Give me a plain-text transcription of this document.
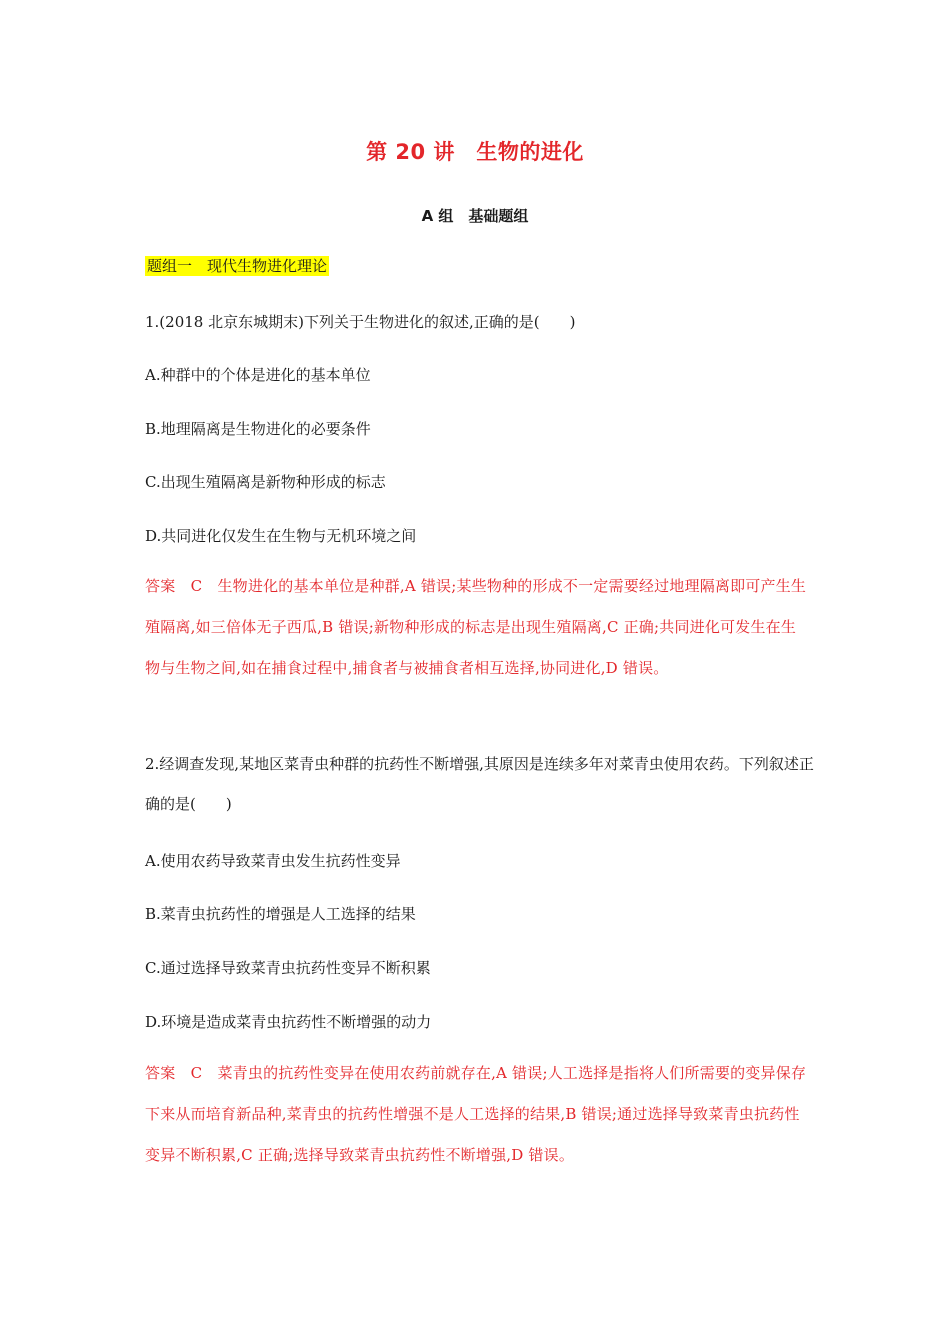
第 20 讲　生物的进化
A 组　基础题组
题组一　现代生物进化理论
1.(2018 北京东城期末)下列关于生物进化的叙述,正确的是(　　)
A.种群中的个体是进化的基本单位
B.地理隔离是生物进化的必要条件
C.出现生殖隔离是新物种形成的标志
D.共同进化仅发生在生物与无机环境之间
答案　C　生物进化的基本单位是种群,A 错误;某些物种的形成不一定需要经过地理隔离即可产生生殖隔离,如三倍体无子西瓜,B 错误;新物种形成的标志是出现生殖隔离,C 正确;共同进化可发生在生物与生物之间,如在捕食过程中,捕食者与被捕食者相互选择,协同进化,D 错误。
2.经调查发现,某地区菜青虫种群的抗药性不断增强,其原因是连续多年对菜青虫使用农药。下列叙述正确的是(　　)
A.使用农药导致菜青虫发生抗药性变异
B.菜青虫抗药性的增强是人工选择的结果
C.通过选择导致菜青虫抗药性变异不断积累
D.环境是造成菜青虫抗药性不断增强的动力
答案　C　菜青虫的抗药性变异在使用农药前就存在,A 错误;人工选择是指将人们所需要的变异保存下来从而培育新品种,菜青虫的抗药性增强不是人工选择的结果,B 错误;通过选择导致菜青虫抗药性变异不断积累,C 正确;选择导致菜青虫抗药性不断增强,D 错误。
